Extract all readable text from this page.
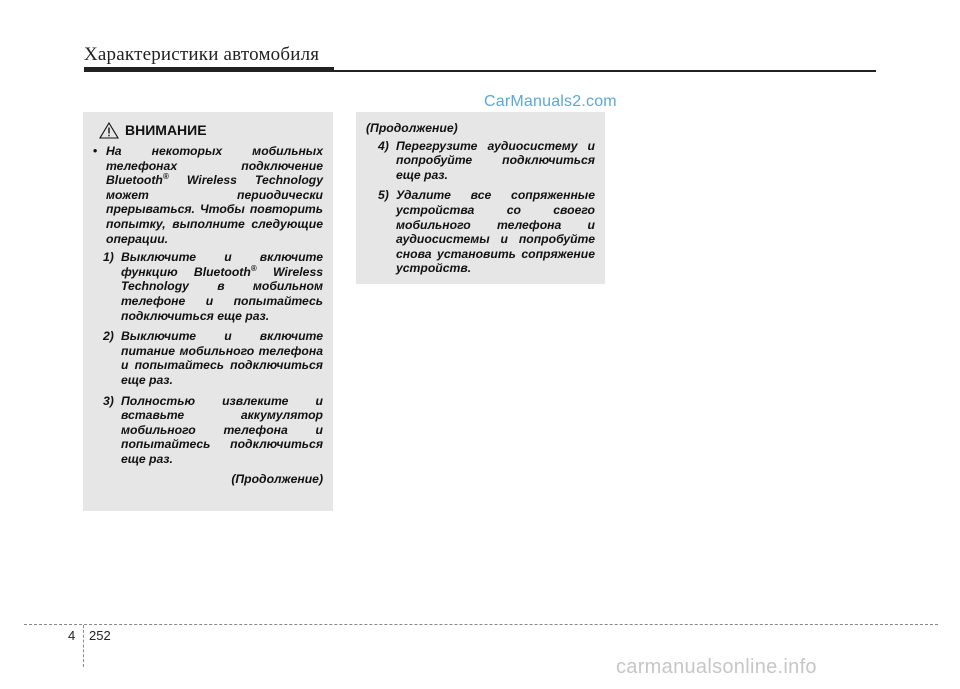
Характеристики автомобиля
CarManuals2.com
ВНИМАНИЕ
• На некоторых мобильных телефонах подключение Bluetooth® Wireless Technology может периодически прерываться. Чтобы повторить попытку, выполните следующие операции.
1) Выключите и включите функцию Bluetooth® Wireless Technology в мобильном телефоне и попытайтесь подключиться еще раз.
2) Выключите и включите питание мобильного телефона и попытайтесь подключиться еще раз.
3) Полностью извлеките и вставьте аккумулятор мобильного телефона и попытайтесь подключиться еще раз.
(Продолжение)
(Продолжение)
4) Перегрузите аудиосистему и попробуйте подключиться еще раз.
5) Удалите все сопряженные устройства со своего мобильного телефона и аудиосистемы и попробуйте снова установить сопряжение устройств.
4 252
carmanualsonline.info
